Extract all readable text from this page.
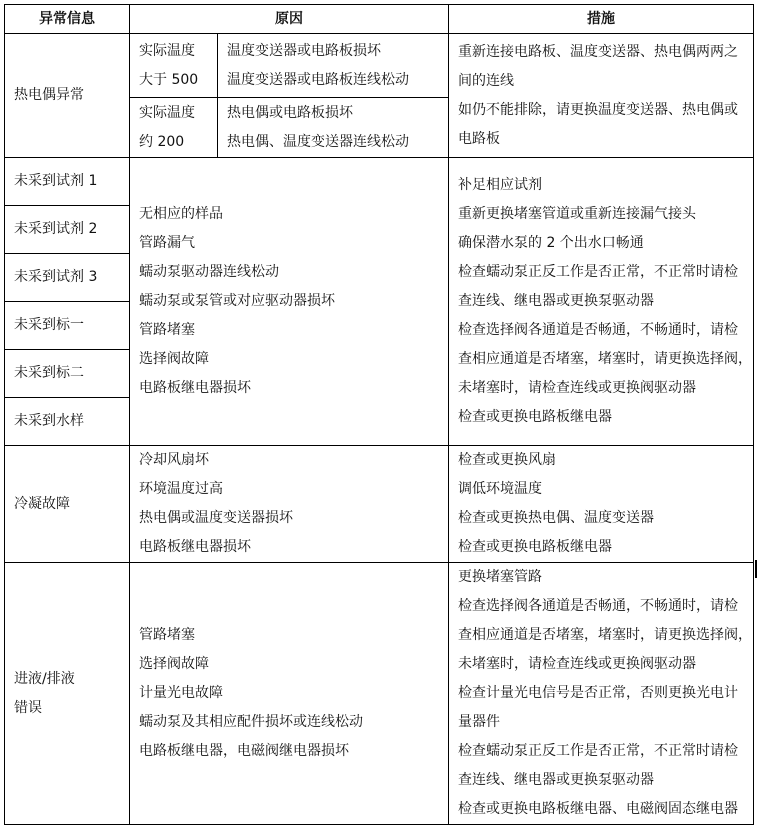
异常信息	原因	措施
热电偶异常
实际温度
大于 500
温度变送器或电路板损坏
温度变送器或电路板连线松动
实际温度
约 200
热电偶或电路板损坏
热电偶、温度变送器连线松动
重新连接电路板、温度变送器、热电偶两两之
间的连线
如仍不能排除，请更换温度变送器、热电偶或
电路板
未采到试剂 1
未采到试剂 2
未采到试剂 3
未采到标一
未采到标二
未采到水样
无相应的样品
管路漏气
蠕动泵驱动器连线松动
蠕动泵或泵管或对应驱动器损坏
管路堵塞
选择阀故障
电路板继电器损坏
补足相应试剂
重新更换堵塞管道或重新连接漏气接头
确保潜水泵的 2 个出水口畅通
检查蠕动泵正反工作是否正常，不正常时请检
查连线、继电器或更换泵驱动器
检查选择阀各通道是否畅通，不畅通时，请检
查相应通道是否堵塞，堵塞时，请更换选择阀，
未堵塞时，请检查连线或更换阀驱动器
检查或更换电路板继电器
冷凝故障
冷却风扇坏
环境温度过高
热电偶或温度变送器损坏
电路板继电器损坏
检查或更换风扇
调低环境温度
检查或更换热电偶、温度变送器
检查或更换电路板继电器
进液/排液
错误
管路堵塞
选择阀故障
计量光电故障
蠕动泵及其相应配件损坏或连线松动
电路板继电器，电磁阀继电器损坏
更换堵塞管路
检查选择阀各通道是否畅通，不畅通时，请检
查相应通道是否堵塞，堵塞时，请更换选择阀，
未堵塞时，请检查连线或更换阀驱动器
检查计量光电信号是否正常，否则更换光电计
量器件
检查蠕动泵正反工作是否正常，不正常时请检
查连线、继电器或更换泵驱动器
检查或更换电路板继电器、电磁阀固态继电器
